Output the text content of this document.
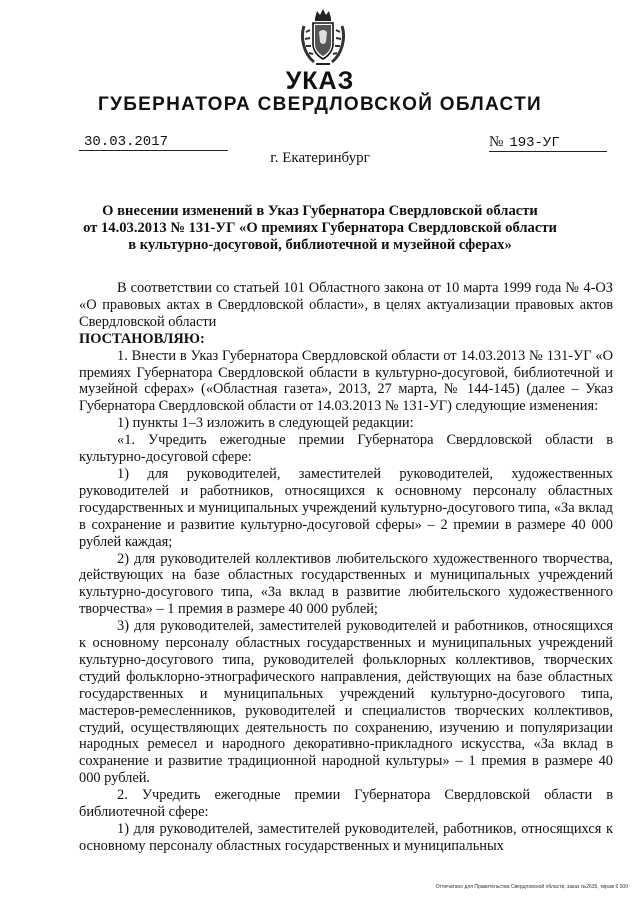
УКАЗ
ГУБЕРНАТОРА СВЕРДЛОВСКОЙ ОБЛАСТИ
30.03.2017	№ 193-УГ
г. Екатеринбург
О внесении изменений в Указ Губернатора Свердловской области
от 14.03.2013 № 131-УГ «О премиях Губернатора Свердловской области
в культурно-досуговой, библиотечной и музейной сферах»

В соответствии со статьей 101 Областного закона от 10 марта 1999 года № 4-ОЗ «О правовых актах в Свердловской области», в целях актуализации правовых актов Свердловской области

ПОСТАНОВЛЯЮ:

1. Внести в Указ Губернатора Свердловской области от 14.03.2013 № 131-УГ «О премиях Губернатора Свердловской области в культурно-досуговой, библиотечной и музейной сферах» («Областная газета», 2013, 27 марта, № 144-145) (далее – Указ Губернатора Свердловской области от 14.03.2013 № 131-УГ) следующие изменения:

1) пункты 1–3 изложить в следующей редакции:

«1. Учредить ежегодные премии Губернатора Свердловской области в культурно-досуговой сфере:

1) для руководителей, заместителей руководителей, художественных руководителей и работников, относящихся к основному персоналу областных государственных и муниципальных учреждений культурно-досугового типа, «За вклад в сохранение и развитие культурно-досуговой сферы» – 2 премии в размере 40 000 рублей каждая;

2) для руководителей коллективов любительского художественного творчества, действующих на базе областных государственных и муниципальных учреждений культурно-досугового типа, «За вклад в развитие любительского художественного творчества» – 1 премия в размере 40 000 рублей;

3) для руководителей, заместителей руководителей и работников, относящихся к основному персоналу областных государственных и муниципальных учреждений культурно-досугового типа, руководителей фольклорных коллективов, творческих студий фольклорно-этнографического направления, действующих на базе областных государственных и муниципальных учреждений культурно-досугового типа, мастеров-ремесленников, руководителей и специалистов творческих коллективов, студий, осуществляющих деятельность по сохранению, изучению и популяризации народных ремесел и народного декоративно-прикладного искусства, «За вклад в сохранение и развитие традиционной народной культуры» – 1 премия в размере 40 000 рублей.

2. Учредить ежегодные премии Губернатора Свердловской области в библиотечной сфере:

1) для руководителей, заместителей руководителей, работников, относящихся к основному персоналу областных государственных и муниципальных

Отпечатано для Правительства Свердловской области, заказ №2635, тираж 6 000
